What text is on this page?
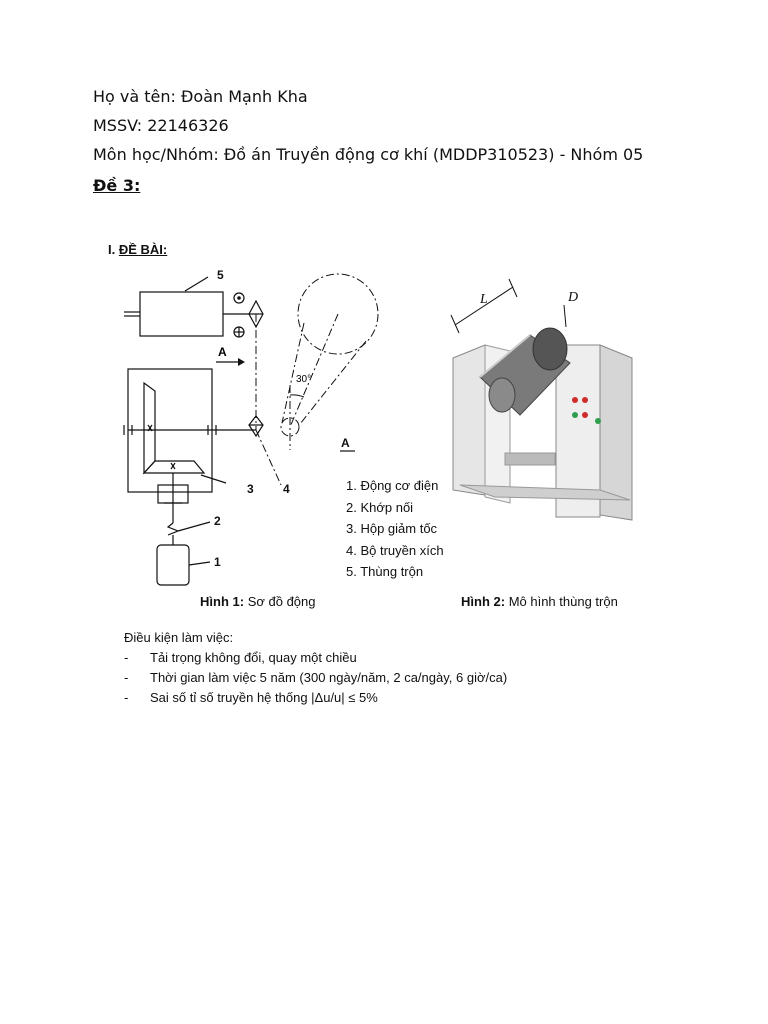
Họ và tên: Đoàn Mạnh Kha
MSSV: 22146326
Môn học/Nhóm: Đồ án Truyền động cơ khí (MDDP310523) - Nhóm 05
Đề 3:
I. ĐỀ BÀI:
A
30°
5
3 4
2
1
A
L	D
1. Động cơ điện
2. Khớp nối
3. Hộp giảm tốc
4. Bộ truyền xích
5. Thùng trộn
Hình 1: Sơ đồ động	Hình 2: Mô hình thùng trộn
Điều kiện làm việc:
- Tải trọng không đổi, quay một chiều
- Thời gian làm việc 5 năm (300 ngày/năm, 2 ca/ngày, 6 giờ/ca)
- Sai số tỉ số truyền hệ thống |Δu/u| ≤ 5%
